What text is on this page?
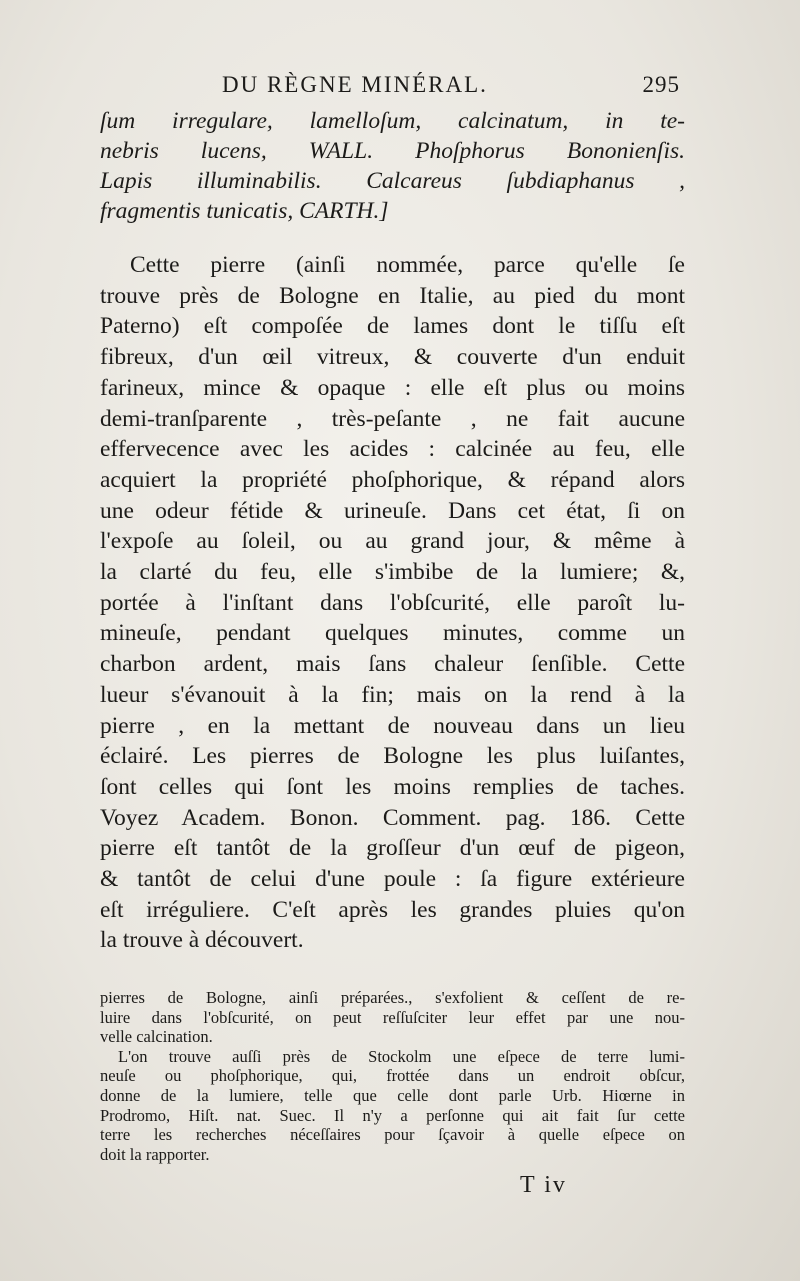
DU RÈGNE MINÉRAL.	295
ſum irregulare, lamelloſum, calcinatum, in te-
nebris lucens, WALL. Phoſphorus Bononienſis.
Lapis illuminabilis. Calcareus ſubdiaphanus ,
fragmentis tunicatis, CARTH.]
Cette pierre (ainſi nommée, parce qu'elle ſe
trouve près de Bologne en Italie, au pied du mont
Paterno) eſt compoſée de lames dont le tiſſu eſt
fibreux, d'un œil vitreux, & couverte d'un enduit
farineux, mince & opaque : elle eſt plus ou moins
demi-tranſparente , très-peſante , ne fait aucune
effervecence avec les acides : calcinée au feu, elle
acquiert la propriété phoſphorique, & répand alors
une odeur fétide & urineuſe. Dans cet état, ſi on
l'expoſe au ſoleil, ou au grand jour, & même à
la clarté du feu, elle s'imbibe de la lumiere; &,
portée à l'inſtant dans l'obſcurité, elle paroît lu-
mineuſe, pendant quelques minutes, comme un
charbon ardent, mais ſans chaleur ſenſible. Cette
lueur s'évanouit à la fin; mais on la rend à la
pierre , en la mettant de nouveau dans un lieu
éclairé. Les pierres de Bologne les plus luiſantes,
ſont celles qui ſont les moins remplies de taches.
Voyez Academ. Bonon. Comment. pag. 186. Cette
pierre eſt tantôt de la groſſeur d'un œuf de pigeon,
& tantôt de celui d'une poule : ſa figure extérieure
eſt irréguliere. C'eſt après les grandes pluies qu'on
la trouve à découvert.
pierres de Bologne, ainſi préparées., s'exfolient & ceſſent de re-
luire dans l'obſcurité, on peut reſſuſciter leur effet par une nou-
velle calcination.
L'on trouve auſſi près de Stockolm une eſpece de terre lumi-
neuſe ou phoſphorique, qui, frottée dans un endroit obſcur,
donne de la lumiere, telle que celle dont parle Urb. Hiœrne in
Prodromo, Hiſt. nat. Suec. Il n'y a perſonne qui ait fait ſur cette
terre les recherches néceſſaires pour ſçavoir à quelle eſpece on
doit la rapporter.
T iv
